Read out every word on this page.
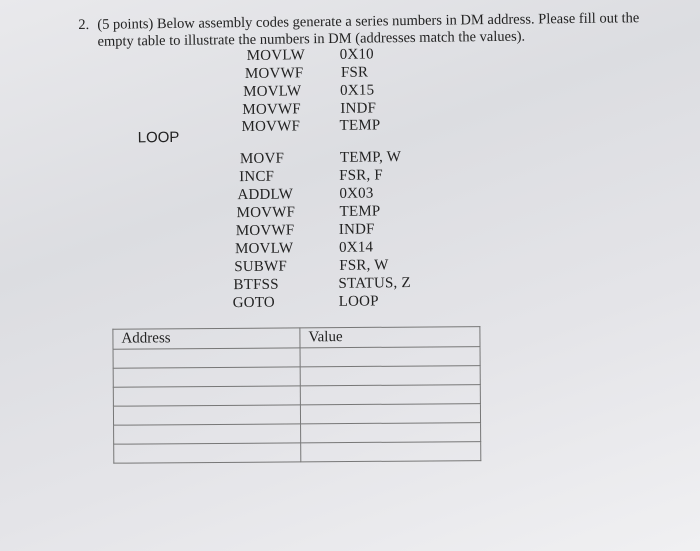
2. (5 points) Below assembly codes generate a series numbers in DM address. Please fill out the
empty table to illustrate the numbers in DM (addresses match the values).
MOVLW 0X10
MOVWF FSR
MOVLW	0X15
MOVWF	INDF
MOVWF	TEMP
LOOP
MOVF	TEMP, W
INCF	FSR, F
ADDLW	0X03
MOVWF	TEMP
MOVWF	INDF
MOVLW	0X14
SUBWF	FSR, W
BTFSS	STATUS, Z
GOTO	LOOP
Address	Value
